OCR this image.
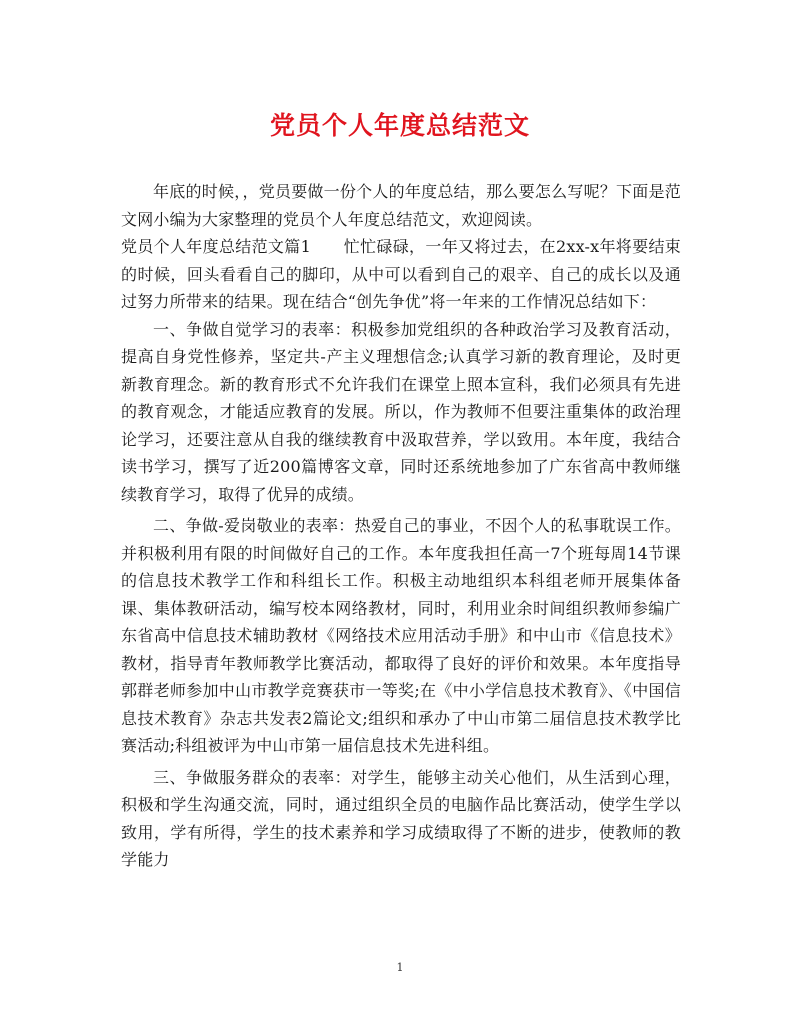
党员个人年度总结范文

年底的时候，，党员要做一份个人的年度总结，那么要怎么写呢？下面是范文网小编为大家整理的党员个人年度总结范文，欢迎阅读。

党员个人年度总结范文篇1　　忙忙碌碌，一年又将过去，在2xx-x年将要结束的时候，回头看看自己的脚印，从中可以看到自己的艰辛、自己的成长以及通过努力所带来的结果。现在结合“创先争优”将一年来的工作情况总结如下：

一、争做自觉学习的表率：积极参加党组织的各种政治学习及教育活动，提高自身党性修养，坚定共-产主义理想信念;认真学习新的教育理论，及时更新教育理念。新的教育形式不允许我们在课堂上照本宣科，我们必须具有先进的教育观念，才能适应教育的发展。所以，作为教师不但要注重集体的政治理论学习，还要注意从自我的继续教育中汲取营养，学以致用。本年度，我结合读书学习，撰写了近200篇博客文章，同时还系统地参加了广东省高中教师继续教育学习，取得了优异的成绩。

二、争做-爱岗敬业的表率：热爱自己的事业，不因个人的私事耽误工作。并积极利用有限的时间做好自己的工作。本年度我担任高一7个班每周14节课的信息技术教学工作和科组长工作。积极主动地组织本科组老师开展集体备课、集体教研活动，编写校本网络教材，同时，利用业余时间组织教师参编广东省高中信息技术辅助教材《网络技术应用活动手册》和中山市《信息技术》教材，指导青年教师教学比赛活动，都取得了良好的评价和效果。本年度指导郭群老师参加中山市教学竞赛获市一等奖;在《中小学信息技术教育》、《中国信息技术教育》杂志共发表2篇论文;组织和承办了中山市第二届信息技术教学比赛活动;科组被评为中山市第一届信息技术先进科组。

三、争做服务群众的表率：对学生，能够主动关心他们，从生活到心理，积极和学生沟通交流，同时，通过组织全员的电脑作品比赛活动，使学生学以致用，学有所得，学生的技术素养和学习成绩取得了不断的进步，使教师的教学能力

1
